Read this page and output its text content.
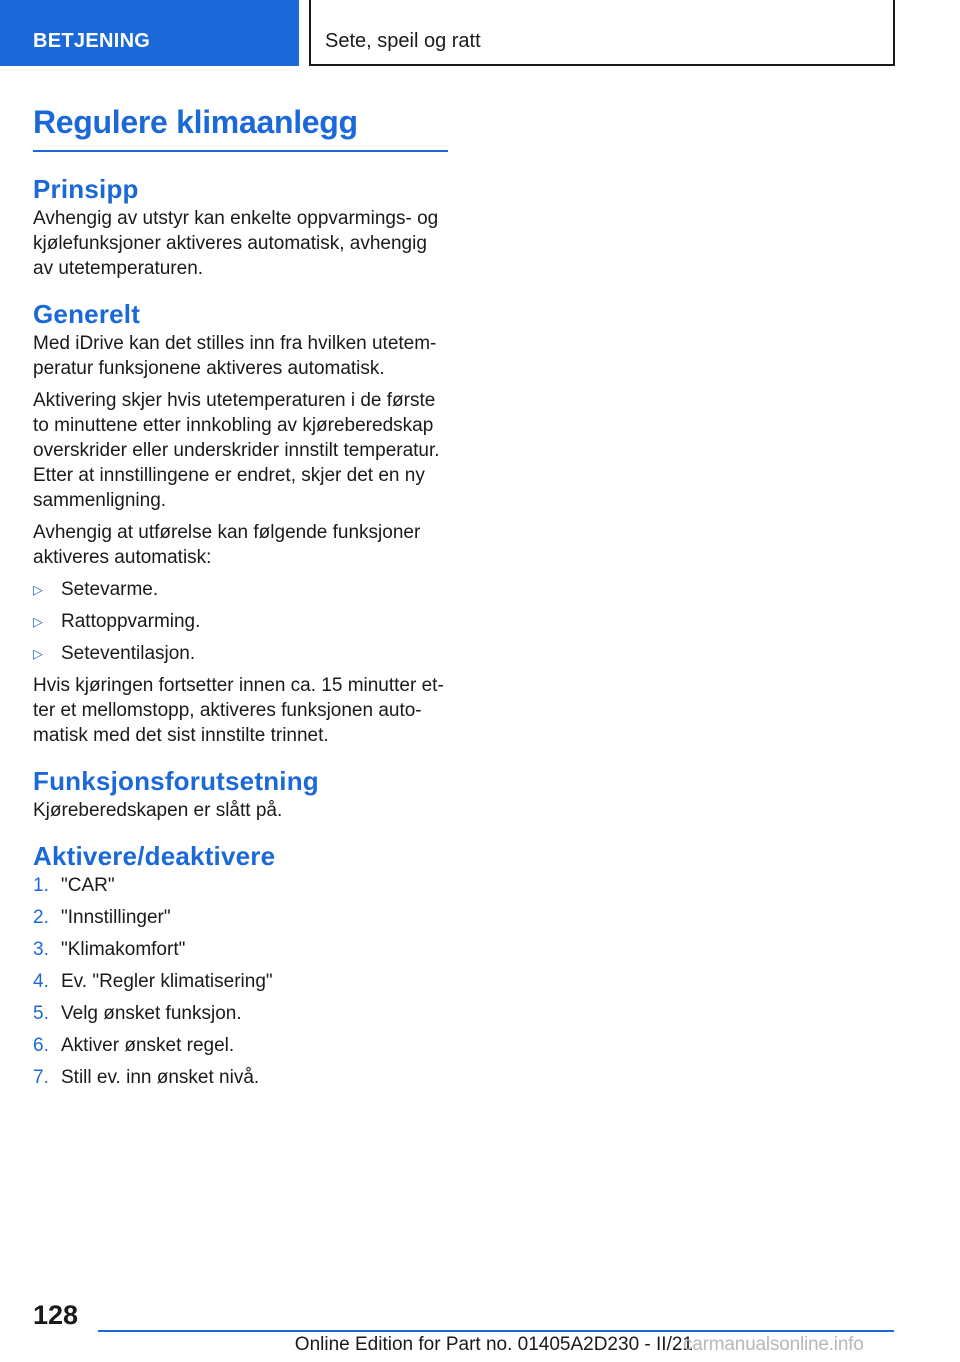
BETJENING	Sete, speil og ratt
Regulere klimaanlegg
Prinsipp

Avhengig av utstyr kan enkelte oppvarmings- og kjølefunksjoner aktiveres automatisk, avhengig av utetemperaturen.

Generelt

Med iDrive kan det stilles inn fra hvilken utetem-peratur funksjonene aktiveres automatisk.

Aktivering skjer hvis utetemperaturen i de første to minuttene etter innkobling av kjøreberedskap overskrider eller underskrider innstilt temperatur. Etter at innstillingene er endret, skjer det en ny sammenligning.

Avhengig at utførelse kan følgende funksjoner aktiveres automatisk:

▷ Setevarme.
▷ Rattoppvarming.
▷ Seteventilasjon.

Hvis kjøringen fortsetter innen ca. 15 minutter et-ter et mellomstopp, aktiveres funksjonen auto-matisk med det sist innstilte trinnet.

Funksjonsforutsetning

Kjøreberedskapen er slått på.

Aktivere/deaktivere
1. "CAR"
2. "Innstillinger"
3. "Klimakomfort"
4. Ev. "Regler klimatisering"
5. Velg ønsket funksjon.
6. Aktiver ønsket regel.
7. Still ev. inn ønsket nivå.
128
Online Edition for Part no. 01405A2D230 - II/21
carmanualsonline.info
